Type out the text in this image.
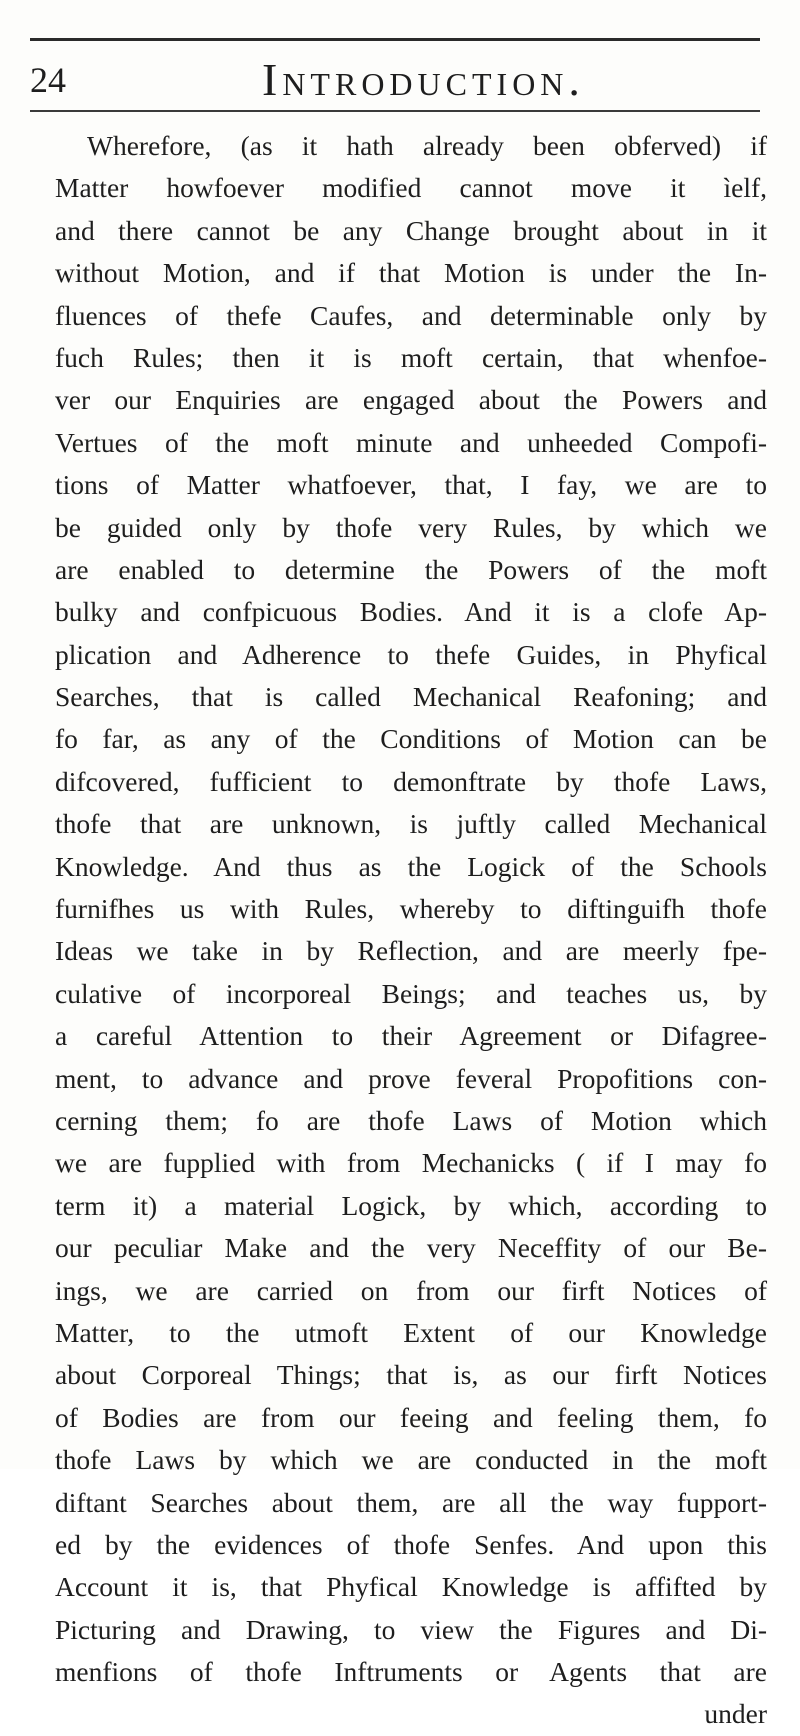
24	Introduction.
Wherefore, (as it hath already been obferved) if
Matter howfoever modified cannot move it ìelf,
and there cannot be any Change brought about in it
without Motion, and if that Motion is under the In-
fluences of thefe Caufes, and determinable only by
fuch Rules; then it is moft certain, that whenfoe-
ver our Enquiries are engaged about the Powers and
Vertues of the moft minute and unheeded Compofi-
tions of Matter whatfoever, that, I fay, we are to
be guided only by thofe very Rules, by which we
are enabled to determine the Powers of the moft
bulky and confpicuous Bodies. And it is a clofe Ap-
plication and Adherence to thefe Guides, in Phyfical
Searches, that is called Mechanical Reafoning; and
fo far, as any of the Conditions of Motion can be
difcovered, fufficient to demonftrate by thofe Laws,
thofe that are unknown, is juftly called Mechanical
Knowledge. And thus as the Logick of the Schools
furnifhes us with Rules, whereby to diftinguifh thofe
Ideas we take in by Reflection, and are meerly fpe-
culative of incorporeal Beings; and teaches us, by
a careful Attention to their Agreement or Difagree-
ment, to advance and prove feveral Propofitions con-
cerning them; fo are thofe Laws of Motion which
we are fupplied with from Mechanicks ( if I may fo
term it) a material Logick, by which, according to
our peculiar Make and the very Neceffity of our Be-
ings, we are carried on from our firft Notices of
Matter, to the utmoft Extent of our Knowledge
about Corporeal Things; that is, as our firft Notices
of Bodies are from our feeing and feeling them, fo
thofe Laws by which we are conducted in the moft
diftant Searches about them, are all the way fupport-
ed by the evidences of thofe Senfes. And upon this
Account it is, that Phyfical Knowledge is affifted by
Picturing and Drawing, to view the Figures and Di-
menfions of thofe Inftruments or Agents that are
under
